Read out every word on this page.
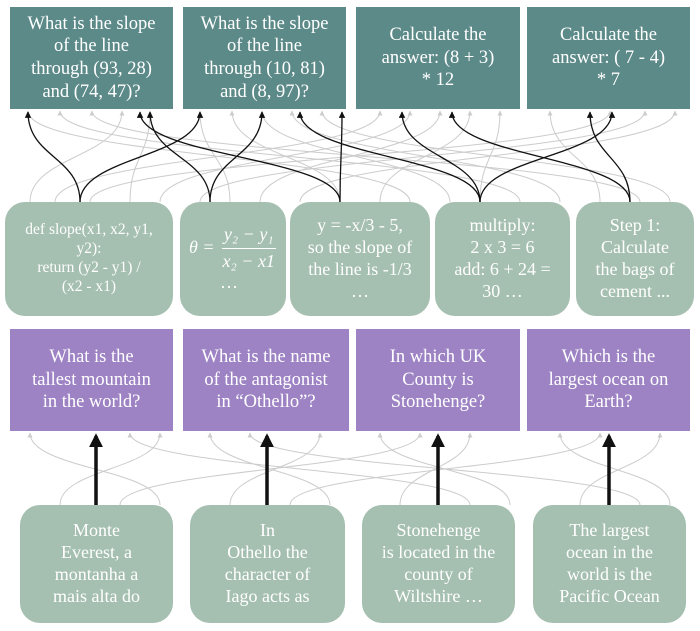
What is the slope
of the line
through (93, 28)
and (74, 47)?
What is the slope
of the line
through (10, 81)
and (8, 97)?
Calculate the
answer: (8 + 3)
* 12
Calculate the
answer: ( 7 - 4)
* 7
def slope(x1, x2, y1,
y2):
return (y2 - y1) /
(x2 - x1)
$\theta = \frac{\text{y₂ − y₁}}{\text{x₂ − x1}}$
…
y = -x/3 - 5,
so the slope of
the line is -1/3
…
multiply:
2 x 3 = 6
add: 6 + 24 =
30 …
Step 1:
Calculate
the bags of
cement ...
What is the
tallest mountain
in the world?
What is the name
of the antagonist
in “Othello”?
In which UK
County is
Stonehenge?
Which is the
largest ocean on
Earth?
Monte
Everest, a
montanha a
mais alta do
In
Othello the
character of
Iago acts as
Stonehenge
is located in the
county of
Wiltshire …
The largest
ocean in the
world is the
Pacific Ocean
